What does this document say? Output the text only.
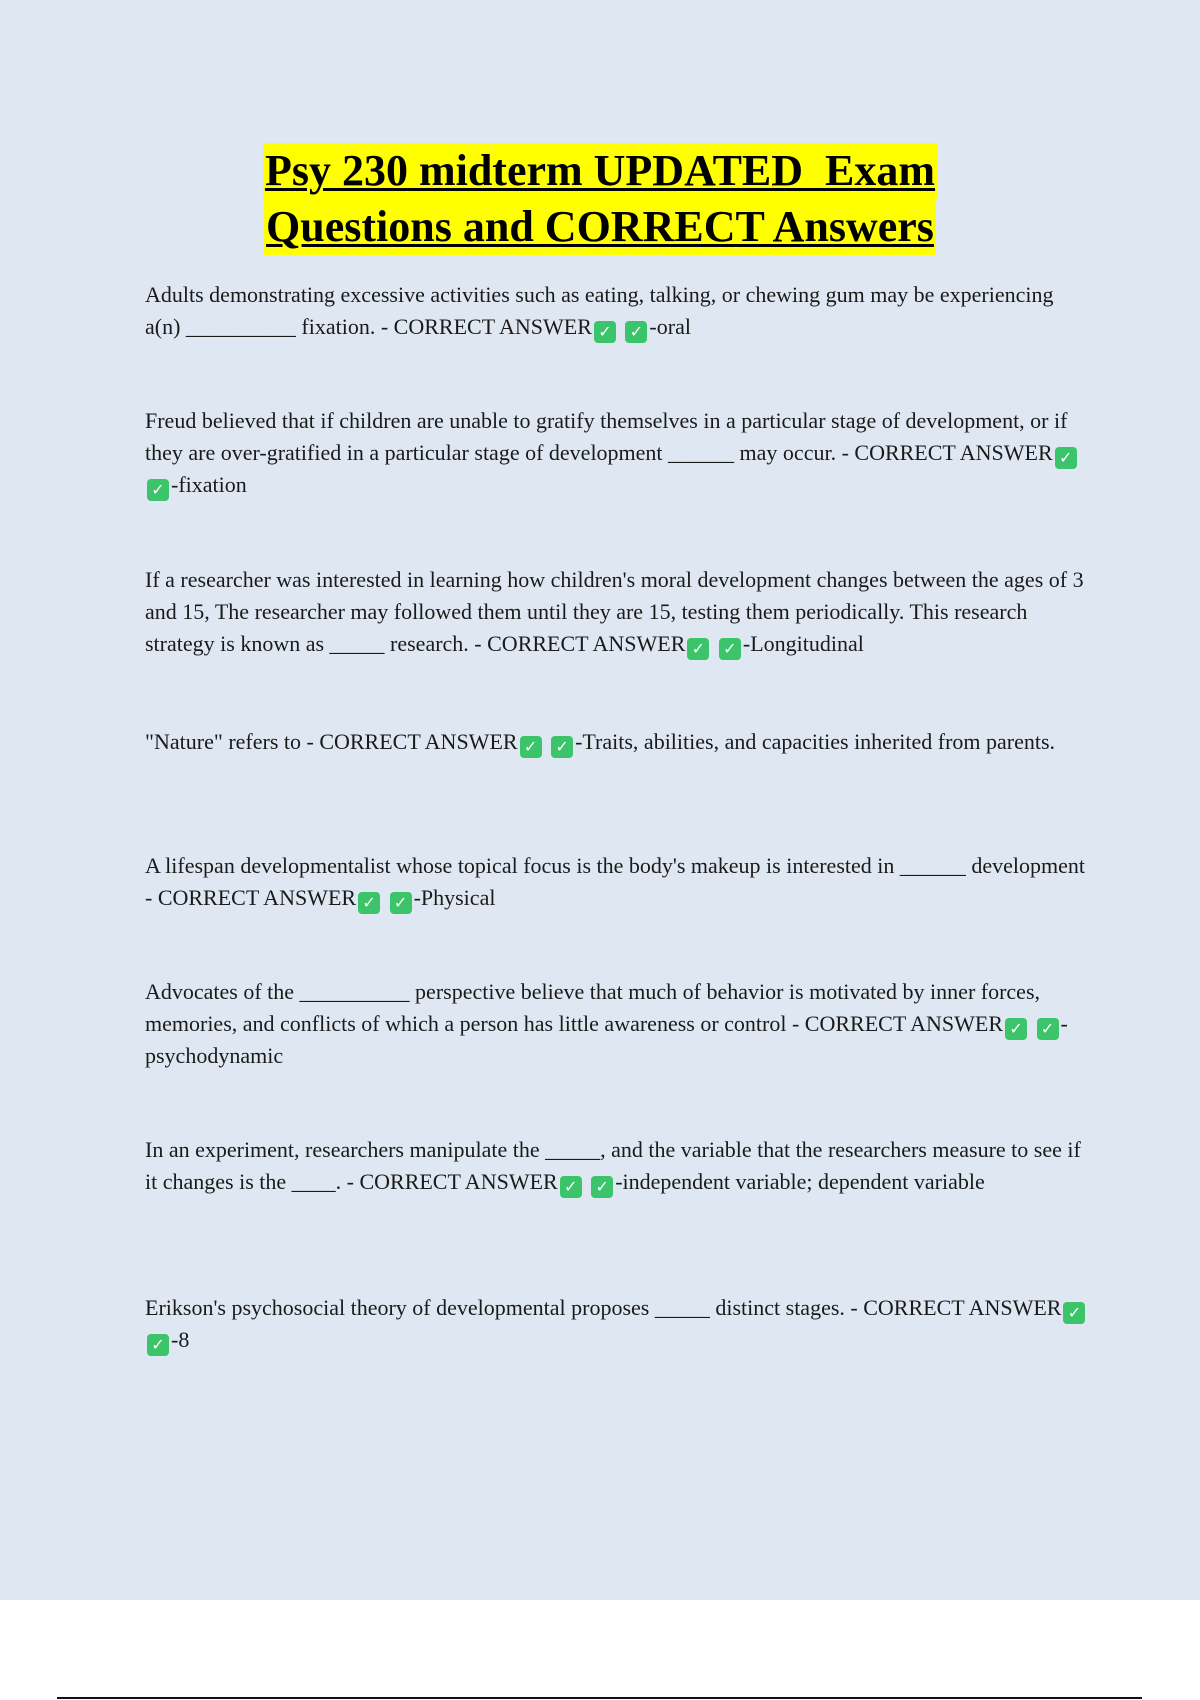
Psy 230 midterm UPDATED  Exam
Questions and CORRECT Answers
Adults demonstrating excessive activities such as eating, talking, or chewing gum may be experiencing a(n) __________ fixation. - CORRECT ANSWER ✓ ✓ -oral
Freud believed that if children are unable to gratify themselves in a particular stage of development, or if they are over-gratified in a particular stage of development ______ may occur. - CORRECT ANSWER ✓ ✓ -fixation
If a researcher was interested in learning how children's moral development changes between the ages of 3 and 15, The researcher may followed them until they are 15, testing them periodically. This research strategy is known as _____ research. - CORRECT ANSWER ✓ ✓ -Longitudinal
"Nature" refers to - CORRECT ANSWER ✓ ✓ -Traits, abilities, and capacities inherited from parents.
A lifespan developmentalist whose topical focus is the body's makeup is interested in ______ development - CORRECT ANSWER ✓ ✓ -Physical
Advocates of the __________ perspective believe that much of behavior is motivated by inner forces, memories, and conflicts of which a person has little awareness or control - CORRECT ANSWER ✓ ✓ -psychodynamic
In an experiment, researchers manipulate the _____, and the variable that the researchers measure to see if it changes is the ____. - CORRECT ANSWER ✓ ✓ -independent variable; dependent variable
Erikson's psychosocial theory of developmental proposes _____ distinct stages. - CORRECT ANSWER ✓ ✓ -8
